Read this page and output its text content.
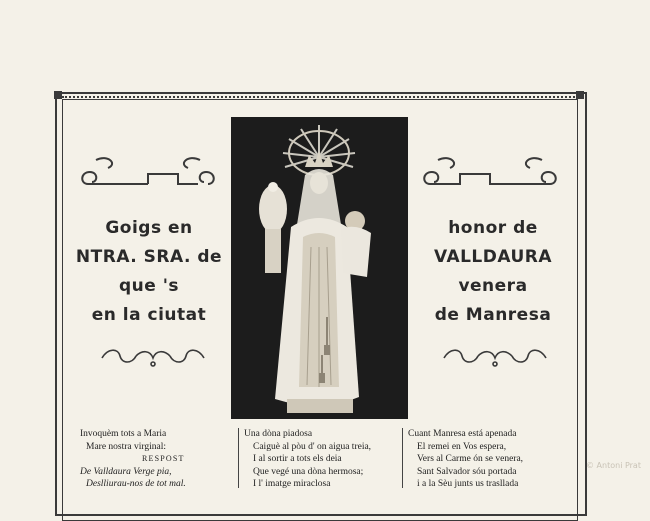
Goigs en
NTRA. SRA. de
que 's
en la ciutat
honor de
VALLDAURA
venera
de Manresa
Invoquèm tots a Maria
Mare nostra virginal:
RESPOST
De Valldaura Verge pia,
Deslliurau-nos de tot mal.
Una dòna piadosa
Caiguè al pòu d' on aigua treia,
I al sortir a tots els deia
Que vegé una dòna hermosa;
I l' imatge miraclosa
Cuant Manresa está apenada
El remei en Vos espera,
Vers al Carme ón se venera,
Sant Salvador sóu portada
i a la Sèu junts us trasllada
© Antoni Prat
